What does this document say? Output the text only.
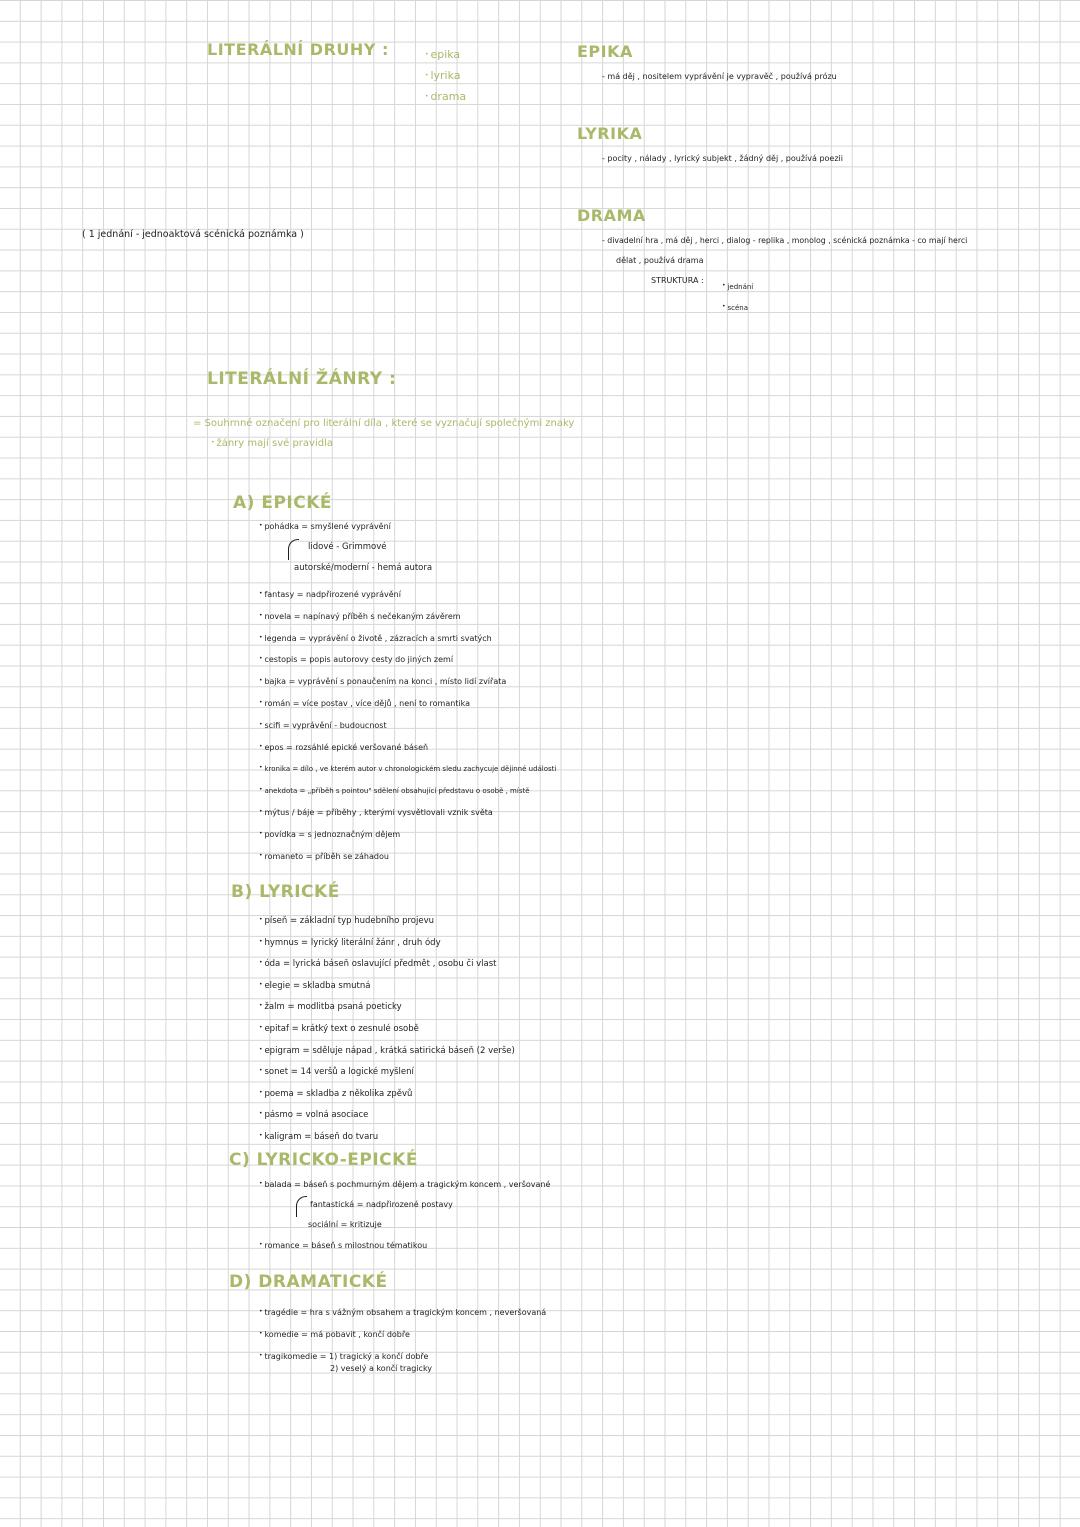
LITERÁLNÍ DRUHY :
•	epika
• lyrika
• drama
( 1 jednání - jednoaktová scénická poznámka )
EPIKA
- má děj , nositelem vyprávění je vypravěč , používá prózu
LYRIKA
- pocity , nálady , lyrický subjekt , žádný děj , používá poezii
DRAMA
- divadelní hra , má děj , herci , dialog - replika , monolog , scénická poznámka - co mají herci
dělat , používá drama
STRUKTURA :
• jednání
• scéna
LITERÁLNÍ ŽÁNRY :
= Souhrnné označení pro literální díla , které se vyznačují společnými znaky
• žánry mají své pravidla
A) EPICKÉ
• pohádka = smyšlené vyprávění
lidové - Grimmové
autorské/moderní - hemá autora
• fantasy = nadpřirozené vyprávění
• novela = napínavý příběh s nečekaným závěrem
• legenda = vyprávění o životě , zázracích a smrti svatých
• cestopis = popis autorovy cesty do jiných zemí
• bajka = vyprávění s ponaučením na konci , místo lidí zvířata
• román = více postav , více dějů , není to romantika
• scifi = vyprávění - budoucnost
• epos = rozsáhlé epické veršované báseň
• kronika = dílo , ve kterém autor v chronologickém sledu zachycuje dějinné události
• anekdota = „příběh s pointou" sdělení obsahující představu o osobě , místě
• mýtus / báje = příběhy , kterými vysvětlovali vznik světa
• povídka = s jednoznačným dějem
• romaneto = příběh se záhadou
B) LYRICKÉ
• píseň = základní typ hudebního projevu
• hymnus = lyrický literální žánr , druh ódy
• óda = lyrická báseň oslavující předmět , osobu či vlast
• elegie = skladba smutná
• žalm = modlitba psaná poeticky
• epitaf = krátký text o zesnulé osobě
• epigram = sděluje nápad , krátká satirická báseň (2 verše)
• sonet = 14 veršů a logické myšlení
• poema = skladba z několika zpěvů
• pásmo = volná asociace
• kaligram = báseň do tvaru
C) LYRICKO-EPICKÉ
• balada = báseň s pochmurným dějem a tragickým koncem , veršované
fantastická = nadpřirozené postavy
sociální = kritizuje
• romance = báseň s milostnou tématikou
D) DRAMATICKÉ
• tragédie = hra s vážným obsahem a tragickým koncem , neveršovaná
• komedie = má pobavit , končí dobře
• tragikomedie = 1) tragický a končí dobře
2) veselý a končí tragicky
